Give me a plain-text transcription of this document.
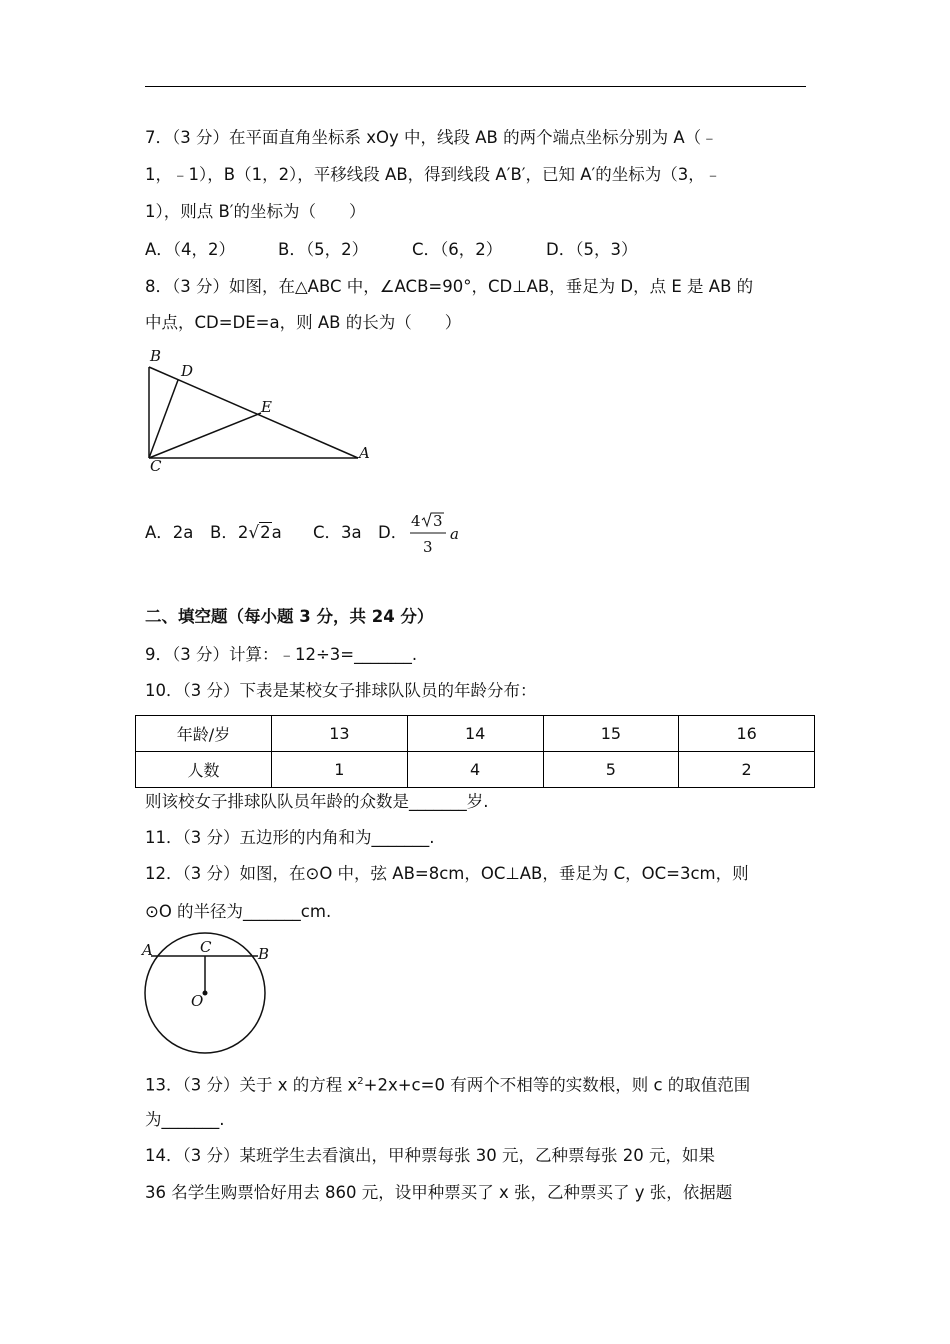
7．（3 分）在平面直角坐标系 xOy 中，线段 AB 的两个端点坐标分别为 A（﹣
1，﹣1），B（1，2），平移线段 AB，得到线段 A′B′，已知 A′的坐标为（3，﹣
1），则点 B′的坐标为（　　）
A．（4，2）	B．（5，2）	C．（6，2）	D．（5，3）
8．（3 分）如图，在△ABC 中，∠ACB=90°，CD⊥AB，垂足为 D，点 E 是 AB 的
中点，CD=DE=a，则 AB 的长为（　　）
B
D
E
C
A
A．2a B．2√2a C．3a D．
4 3
3
a
二、填空题（每小题 3 分，共 24 分）
9．（3 分）计算：﹣12÷3=_______.
10．（3 分）下表是某校女子排球队队员的年龄分布：
年龄/岁	13	14	15	16
人数	1	4	5	2
则该校女子排球队队员年龄的众数是_______岁.
11．（3 分）五边形的内角和为_______.
12．（3 分）如图，在⊙O 中，弦 AB=8cm，OC⊥AB，垂足为 C，OC=3cm，则
⊙O 的半径为_______cm.
A	C	B
O
13．（3 分）关于 x 的方程 $x^2+2x+c=0$ 有两个不相等的实数根，则 c 的取值范围
为_______.
14．（3 分）某班学生去看演出，甲种票每张 30 元，乙种票每张 20 元，如果
36 名学生购票恰好用去 860 元，设甲种票买了 x 张，乙种票买了 y 张，依据题
